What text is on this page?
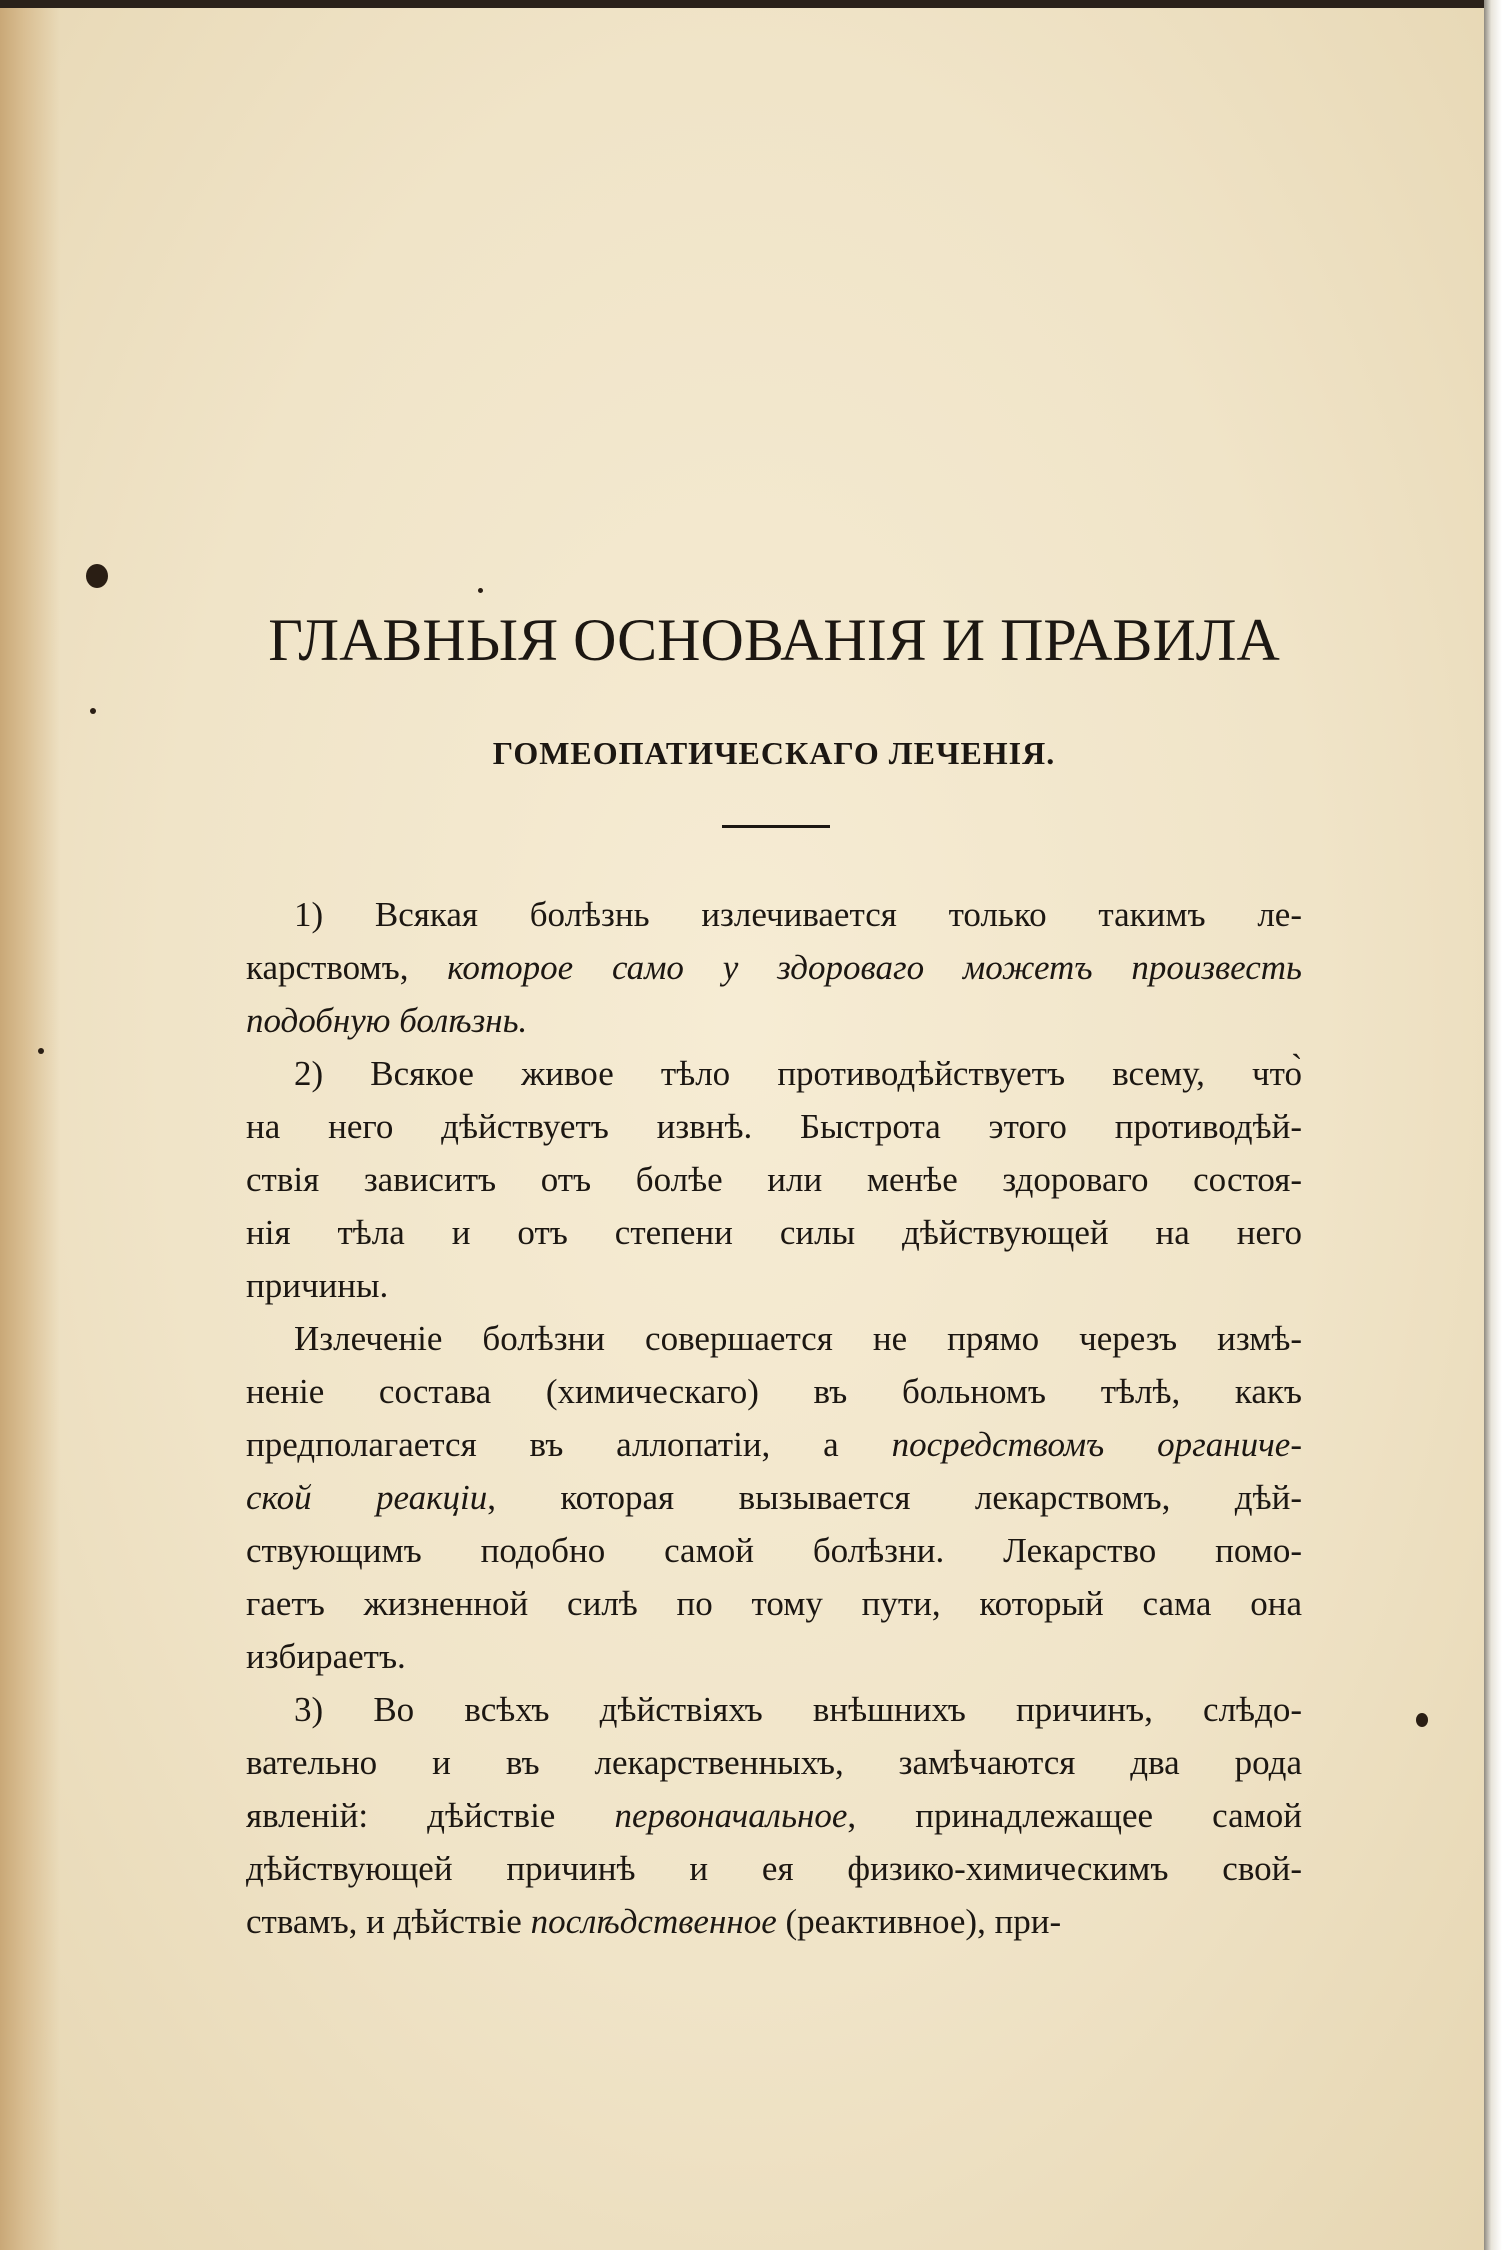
ГЛАВНЫЯ ОСНОВАНІЯ И ПРАВИЛА
ГОМЕОПАТИЧЕСКАГО ЛЕЧЕНІЯ.
1) Всякая болѣзнь излечивается только такимъ ле-
карствомъ, которое само у здороваго можетъ произвесть
подобную болѣзнь.
2) Всякое живое тѣло противодѣйствуетъ всему, что̀
на него дѣйствуетъ извнѣ. Быстрота этого противодѣй-
ствія зависитъ отъ болѣе или менѣе здороваго состоя-
нія тѣла и отъ степени силы дѣйствующей на него
причины.
Излеченіе болѣзни совершается не прямо черезъ измѣ-
неніе состава (химическаго) въ больномъ тѣлѣ, какъ
предполагается въ аллопатіи, а посредствомъ органиче-
ской реакціи, которая вызывается лекарствомъ, дѣй-
ствующимъ подобно самой болѣзни. Лекарство помо-
гаетъ жизненной силѣ по тому пути, который сама она
избираетъ.
3) Во всѣхъ дѣйствіяхъ внѣшнихъ причинъ, слѣдо-
вательно и въ лекарственныхъ, замѣчаются два рода
явленій: дѣйствіе первоначальное, принадлежащее самой
дѣйствующей причинѣ и ея физико-химическимъ свой-
ствамъ, и дѣйствіе послѣдственное (реактивное), при-
